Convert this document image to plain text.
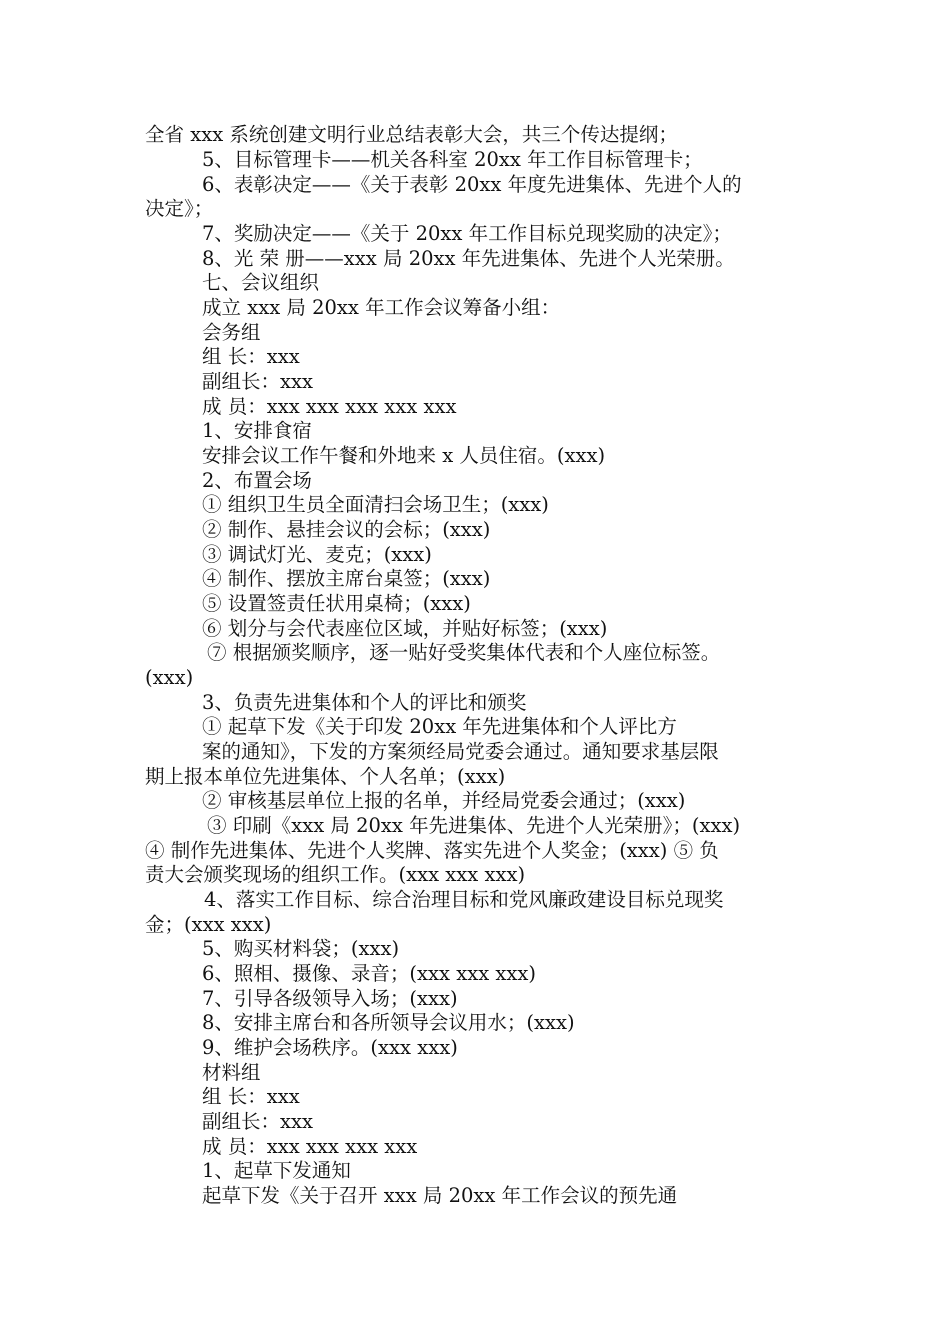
全省 xxx 系统创建文明行业总结表彰大会，共三个传达提纲；
5、目标管理卡——机关各科室 20xx 年工作目标管理卡；
6、表彰决定——《关于表彰 20xx 年度先进集体、先进个人的
决定》；
7、奖励决定——《关于 20xx 年工作目标兑现奖励的决定》；
8、光 荣 册——xxx 局 20xx 年先进集体、先进个人光荣册。
七、会议组织
成立 xxx 局 20xx 年工作会议筹备小组：
会务组
组 长：xxx
副组长：xxx
成 员：xxx xxx xxx xxx xxx
1、安排食宿
安排会议工作午餐和外地来 x 人员住宿。(xxx)
2、布置会场
① 组织卫生员全面清扫会场卫生；(xxx)
② 制作、悬挂会议的会标；(xxx)
③ 调试灯光、麦克；(xxx)
④ 制作、摆放主席台桌签；(xxx)
⑤ 设置签责任状用桌椅；(xxx)
⑥ 划分与会代表座位区域，并贴好标签；(xxx)
⑦ 根据颁奖顺序，逐一贴好受奖集体代表和个人座位标签。
(xxx)
3、负责先进集体和个人的评比和颁奖
① 起草下发《关于印发 20xx 年先进集体和个人评比方
案的通知》，下发的方案须经局党委会通过。通知要求基层限
期上报本单位先进集体、个人名单；(xxx)
② 审核基层单位上报的名单，并经局党委会通过；(xxx)
③ 印刷《xxx 局 20xx 年先进集体、先进个人光荣册》；(xxx)
④ 制作先进集体、先进个人奖牌、落实先进个人奖金；(xxx) ⑤ 负
责大会颁奖现场的组织工作。(xxx xxx xxx)
4、落实工作目标、综合治理目标和党风廉政建设目标兑现奖
金；(xxx xxx)
5、购买材料袋；(xxx)
6、照相、摄像、录音；(xxx xxx xxx)
7、引导各级领导入场；(xxx)
8、安排主席台和各所领导会议用水；(xxx)
9、维护会场秩序。(xxx xxx)
材料组
组 长：xxx
副组长：xxx
成 员：xxx xxx xxx xxx
1、起草下发通知
起草下发《关于召开 xxx 局 20xx 年工作会议的预先通
